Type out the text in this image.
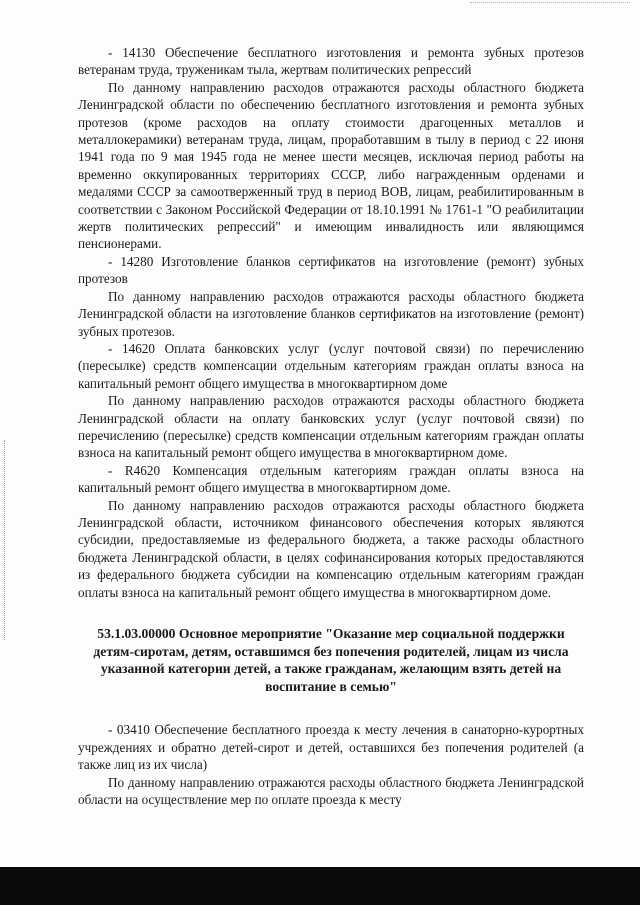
- 14130 Обеспечение бесплатного изготовления и ремонта зубных протезов ветеранам труда, труженикам тыла, жертвам политических репрессий

По данному направлению расходов отражаются расходы областного бюджета Ленинградской области по обеспечению бесплатного изготовления и ремонта зубных протезов (кроме расходов на оплату стоимости драгоценных металлов и металлокерамики) ветеранам труда, лицам, проработавшим в тылу в период с 22 июня 1941 года по 9 мая 1945 года не менее шести месяцев, исключая период работы на временно оккупированных территориях СССР, либо награжденным орденами и медалями СССР за самоотверженный труд в период ВОВ, лицам, реабилитированным в соответствии с Законом Российской Федерации от 18.10.1991 № 1761-1 "О реабилитации жертв политических репрессий" и имеющим инвалидность или являющимся пенсионерами.

- 14280 Изготовление бланков сертификатов на изготовление (ремонт) зубных протезов

По данному направлению расходов отражаются расходы областного бюджета Ленинградской области на изготовление бланков сертификатов на изготовление (ремонт) зубных протезов.

- 14620 Оплата банковских услуг (услуг почтовой связи) по перечислению (пересылке) средств компенсации отдельным категориям граждан оплаты взноса на капитальный ремонт общего имущества в многоквартирном доме

По данному направлению расходов отражаются расходы областного бюджета Ленинградской области на оплату банковских услуг (услуг почтовой связи) по перечислению (пересылке) средств компенсации отдельным категориям граждан оплаты взноса на капитальный ремонт общего имущества в многоквартирном доме.

- R4620 Компенсация отдельным категориям граждан оплаты взноса на капитальный ремонт общего имущества в многоквартирном доме.

По данному направлению расходов отражаются расходы областного бюджета Ленинградской области, источником финансового обеспечения которых являются субсидии, предоставляемые из федерального бюджета, а также расходы областного бюджета Ленинградской области, в целях софинансирования которых предоставляются из федерального бюджета субсидии на компенсацию отдельным категориям граждан оплаты взноса на капитальный ремонт общего имущества в многоквартирном доме.

53.1.03.00000 Основное мероприятие "Оказание мер социальной поддержки детям-сиротам, детям, оставшимся без попечения родителей, лицам из числа указанной категории детей, а также гражданам, желающим взять детей на воспитание в семью"

- 03410 Обеспечение бесплатного проезда к месту лечения в санаторно-курортных учреждениях и обратно детей-сирот и детей, оставшихся без попечения родителей (а также лиц из их числа)

По данному направлению отражаются расходы областного бюджета Ленинградской области на осуществление мер по оплате проезда к месту
